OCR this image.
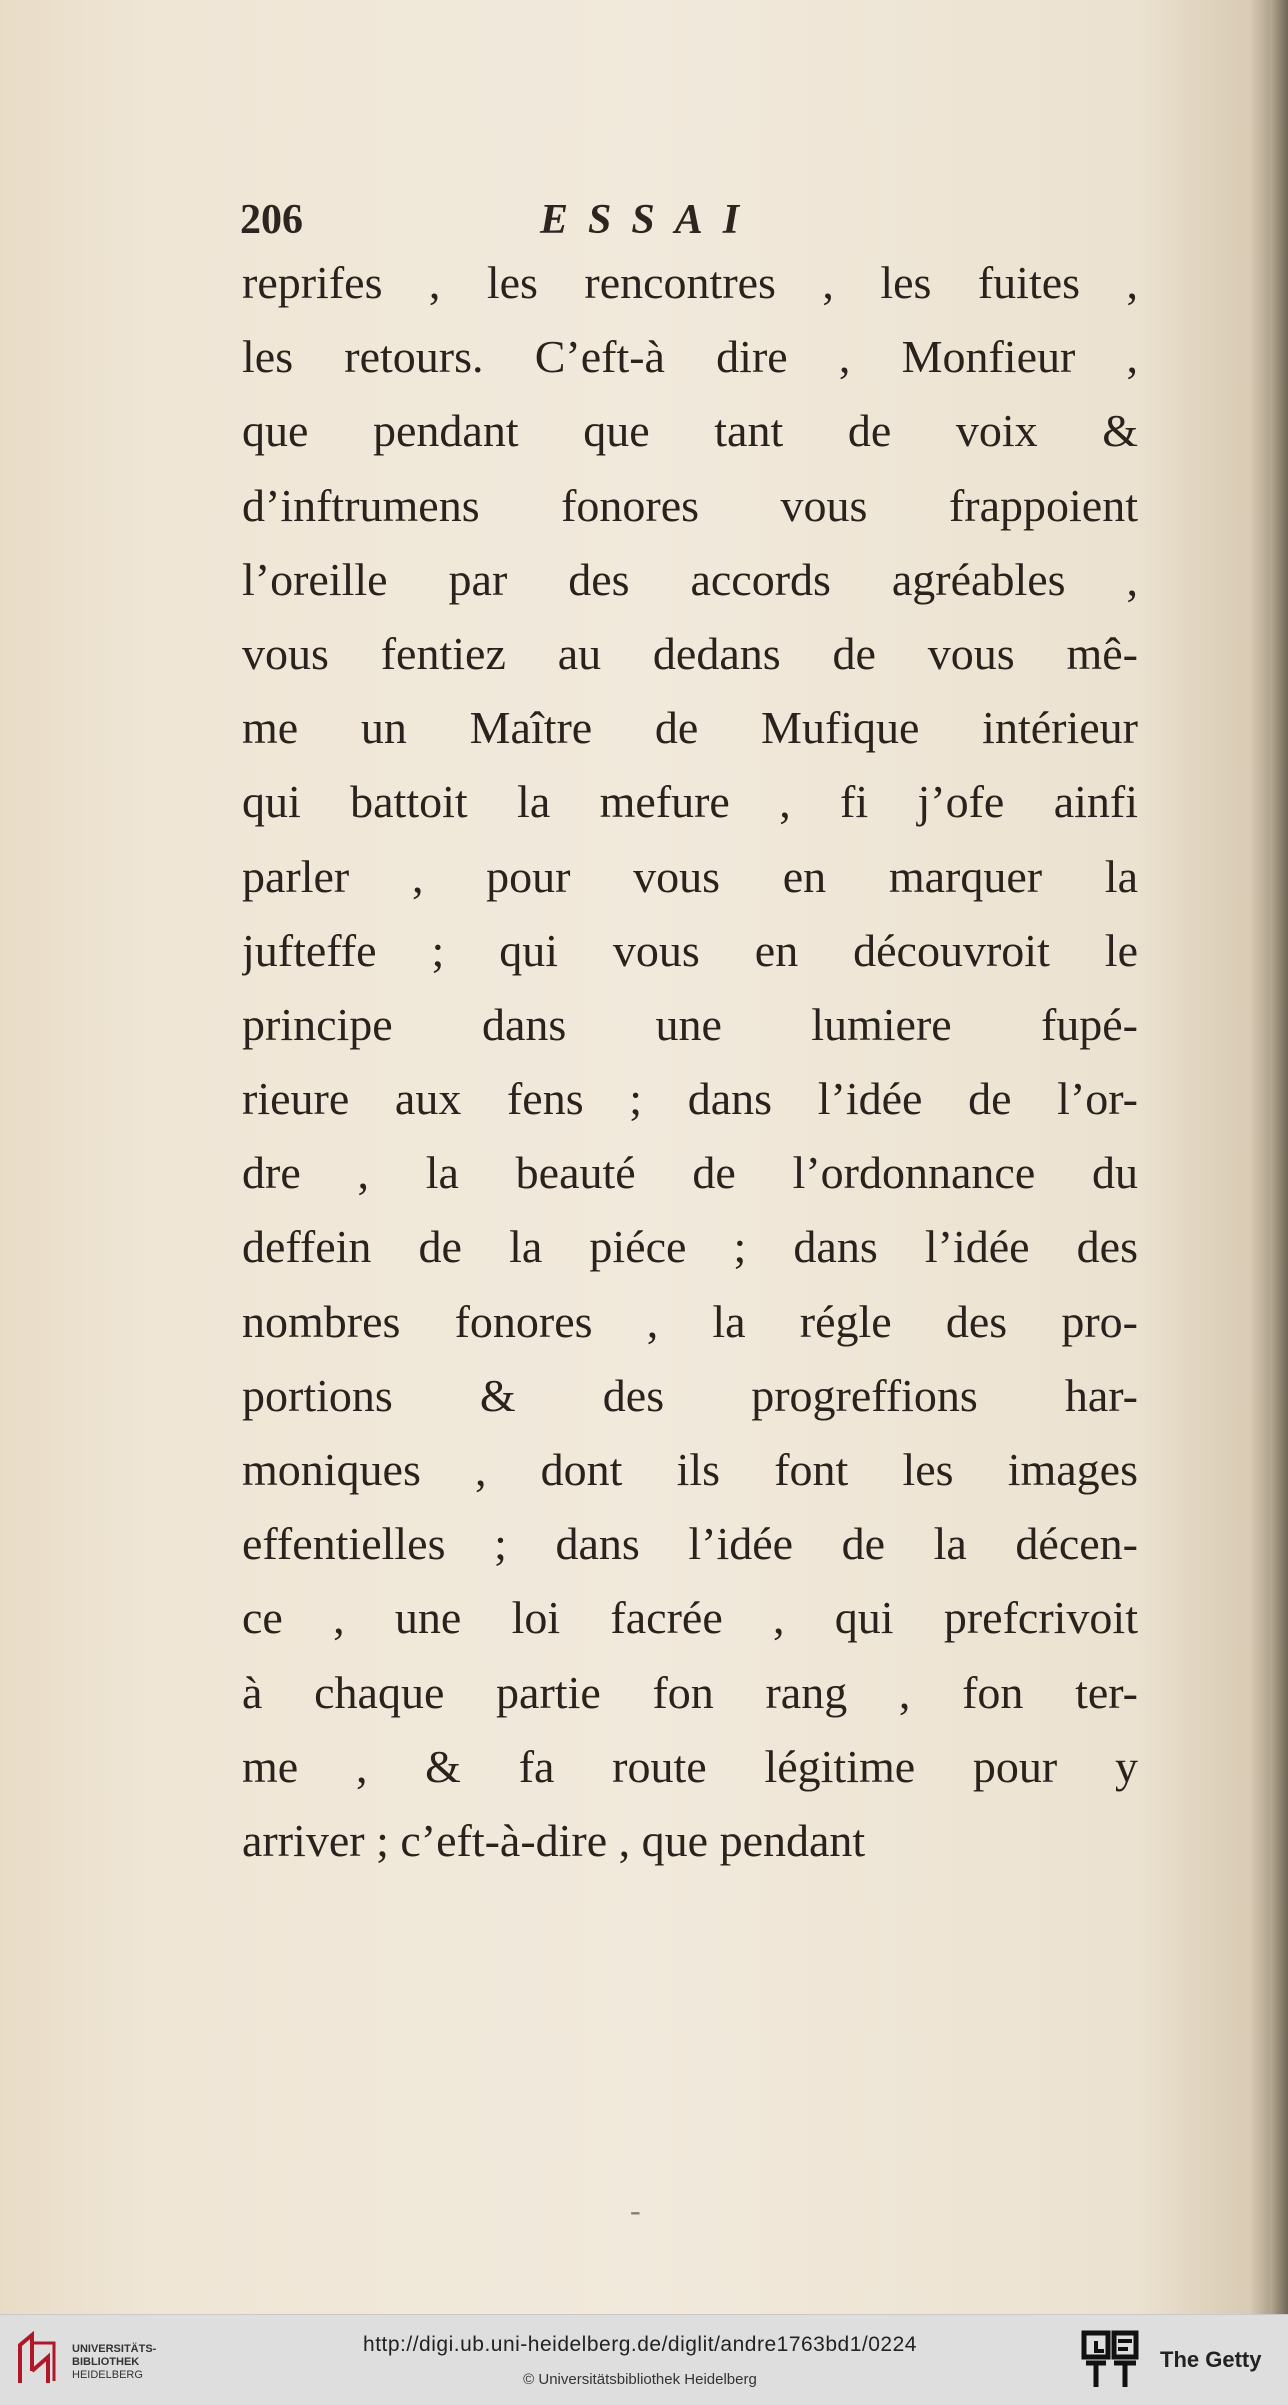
206	ESSAI
reprifes , les rencontres , les fuites ,
les retours. C’eft-à dire , Monfieur ,
que pendant que tant de voix &
d’inftrumens fonores vous frappoient
l’oreille par des accords agréables ,
vous fentiez au dedans de vous mê-
me un Maître de Mufique intérieur
qui battoit la mefure , fi j’ofe ainfi
parler , pour vous en marquer la
jufteffe ; qui vous en découvroit le
principe dans une lumiere fupé-
rieure aux fens ; dans l’idée de l’or-
dre , la beauté de l’ordonnance du
deffein de la piéce ; dans l’idée des
nombres fonores , la régle des pro-
portions & des progreffions har-
moniques , dont ils font les images
effentielles ; dans l’idée de la décen-
ce , une loi facrée , qui prefcrivoit
à chaque partie fon rang , fon ter-
me , & fa route légitime pour y
arriver ; c’eft-à-dire , que pendant
-
UNIVERSITÄTS-
BIBLIOTHEK
HEIDELBERG
http://digi.ub.uni-heidelberg.de/diglit/andre1763bd1/0224
© Universitätsbibliothek Heidelberg
The Getty
